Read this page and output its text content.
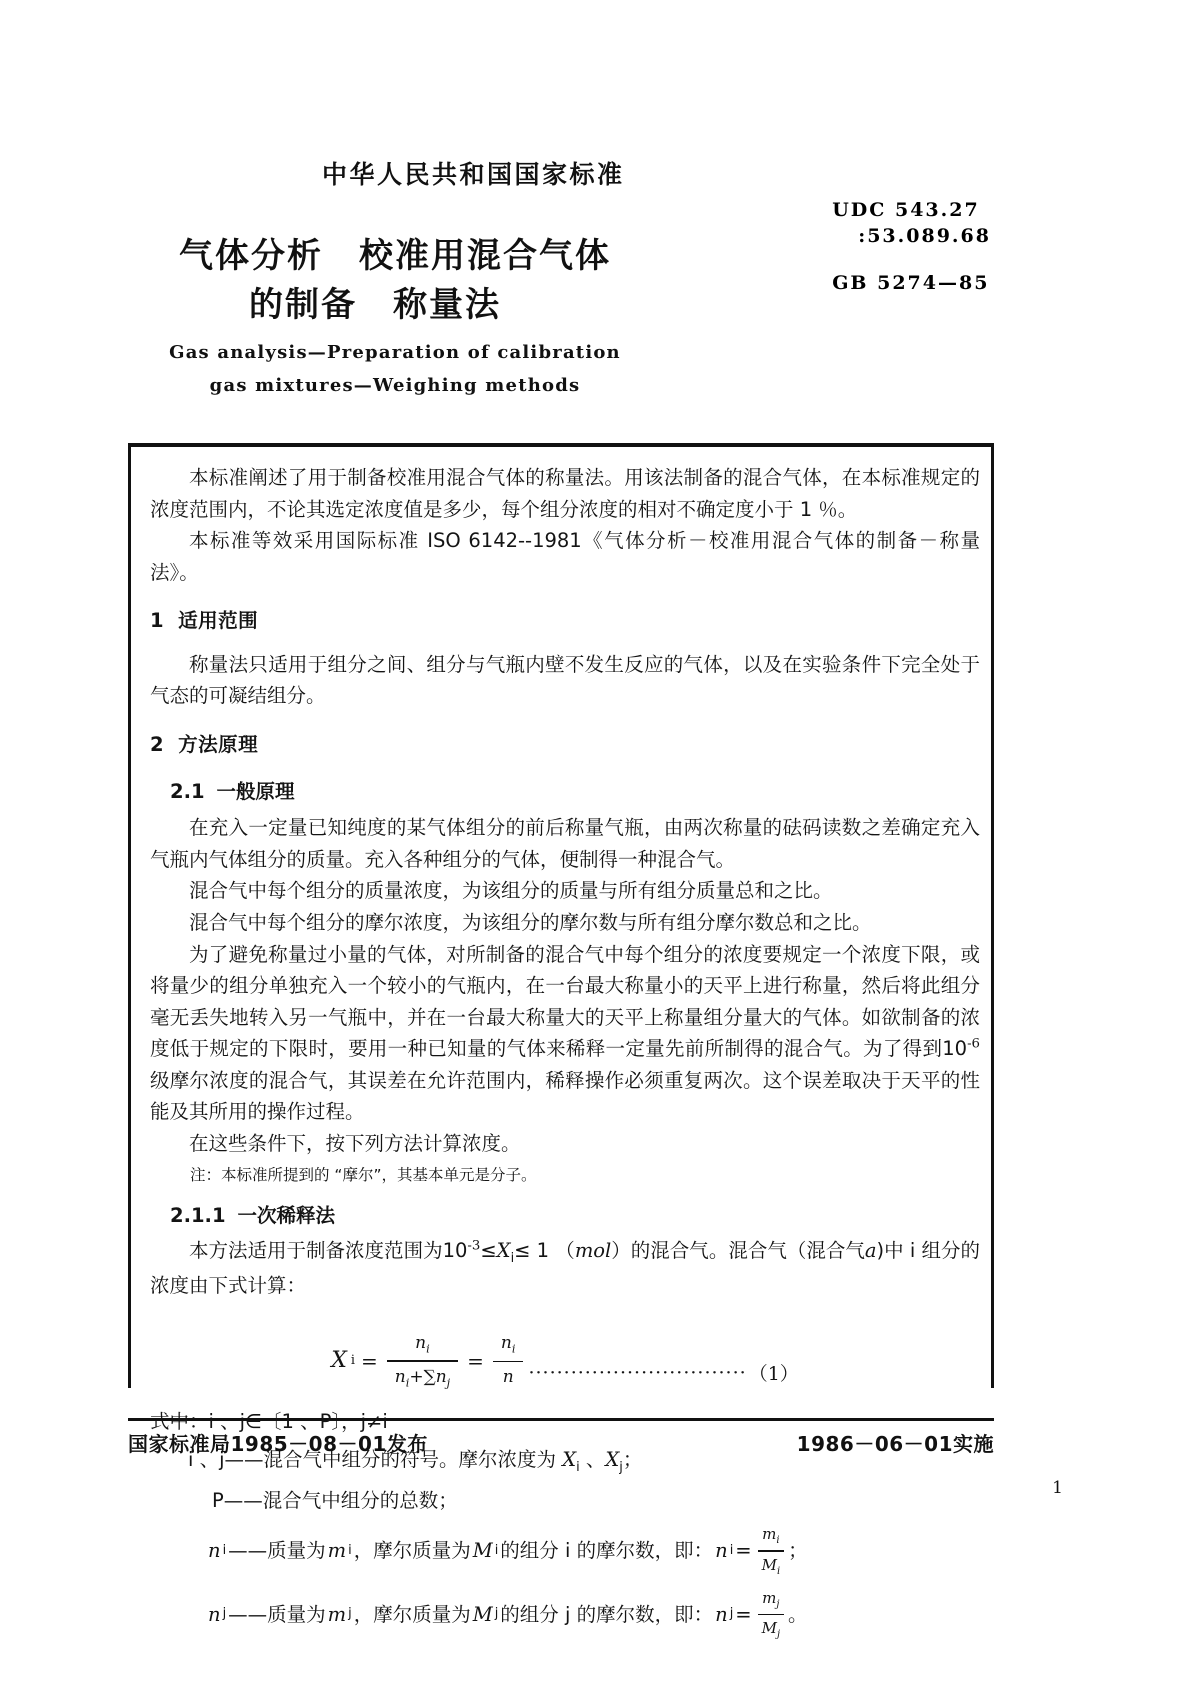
中华人民共和国国家标准
UDC 543.27
:53.089.68
GB 5274—85
气体分析　校准用混合气体
的制备　称量法
Gas analysis—Preparation of calibration
gas mixtures—Weighing methods

本标准阐述了用于制备校准用混合气体的称量法。用该法制备的混合气体，在本标准规定的浓度范围内，不论其选定浓度值是多少，每个组分浓度的相对不确定度小于 1 ％。

本标准等效采用国际标准 ISO 6142--1981《气体分析－校准用混合气体的制备－称量法》。

1 适用范围

称量法只适用于组分之间、组分与气瓶内壁不发生反应的气体，以及在实验条件下完全处于气态的可凝结组分。

2 方法原理
2.1 一般原理

在充入一定量已知纯度的某气体组分的前后称量气瓶，由两次称量的砝码读数之差确定充入气瓶内气体组分的质量。充入各种组分的气体，便制得一种混合气。

混合气中每个组分的质量浓度，为该组分的质量与所有组分质量总和之比。

混合气中每个组分的摩尔浓度，为该组分的摩尔数与所有组分摩尔数总和之比。

为了避免称量过小量的气体，对所制备的混合气中每个组分的浓度要规定一个浓度下限，或将量少的组分单独充入一个较小的气瓶内，在一台最大称量小的天平上进行称量，然后将此组分毫无丢失地转入另一气瓶中，并在一台最大称量大的天平上称量组分量大的气体。如欲制备的浓度低于规定的下限时，要用一种已知量的气体来稀释一定量先前所制得的混合气。为了得到$10^{-6}$级摩尔浓度的混合气，其误差在允许范围内，稀释操作必须重复两次。这个误差取决于天平的性能及其所用的操作过程。

在这些条件下，按下列方法计算浓度。

注：本标准所提到的 “摩尔”，其基本单元是分子。

2.1.1 一次稀释法

本方法适用于制备浓度范围为$10^{-3}\le X_i\le 1$ （mol）的混合气。混合气（混合气a)中 i 组分的浓度由下式计算：

X $i = \frac{n_i}{n_i+\sum n_j} = \frac{n_i}{n}$ ······························· （1）

式中：i 、j∈〔1 、P〕，j≠i

i 、j——混合气中组分的符号。摩尔浓度为 $X_i$ 、$X_j$；

P——混合气中组分的总数；

n i ——质量为 m i ，摩尔质量为 M i 的组分 i 的摩尔数，即： n i =
$m_i$
$M_i$
；

n j ——质量为 m j ，摩尔质量为 M j 的组分 j 的摩尔数，即： n j =
$m_j$
$M_j$
。

国家标准局1985－08－01发布	1986－06－01实施
1
